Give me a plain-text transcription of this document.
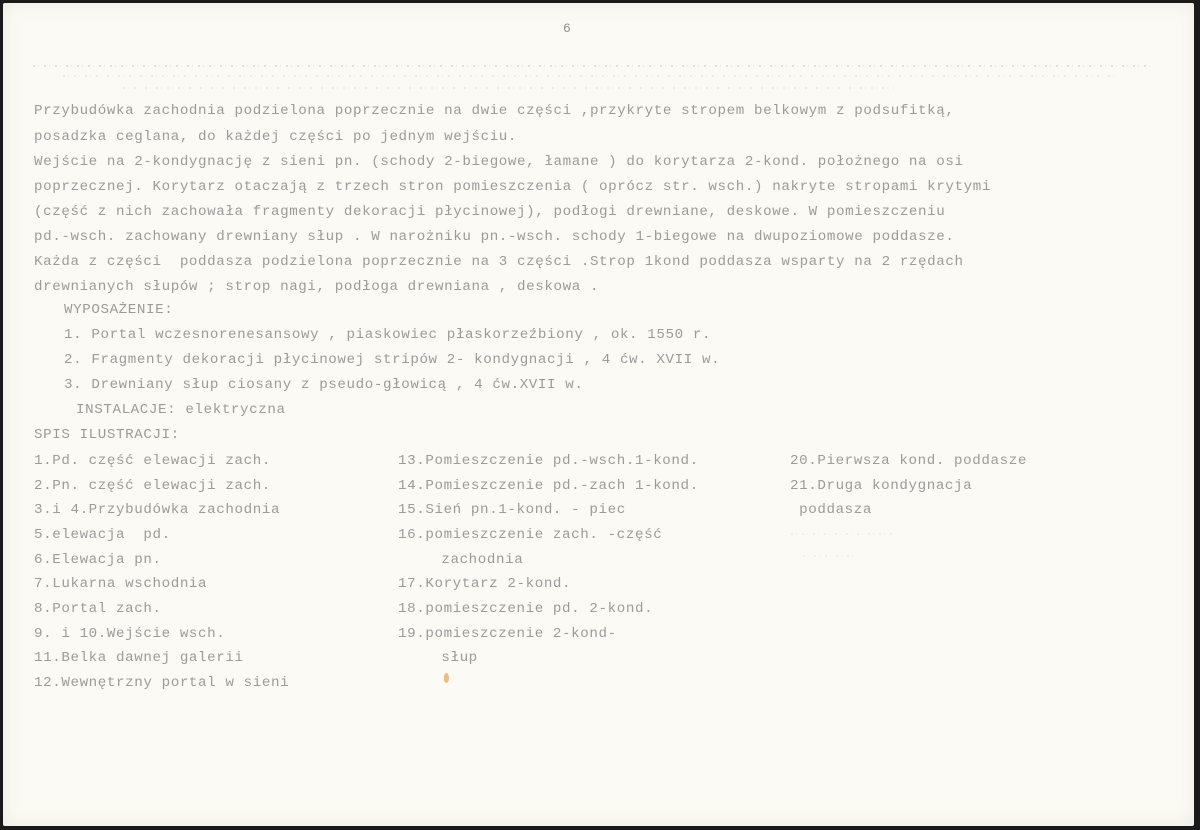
6
Przybudówka zachodnia podzielona poprzecznie na dwie części ,przykryte stropem belkowym z podsufitką,
posadzka ceglana, do każdej części po jednym wejściu.
Wejście na 2-kondygnację z sieni pn. (schody 2-biegowe, łamane ) do korytarza 2-kond. położnego na osi
poprzecznej. Korytarz otaczają z trzech stron pomieszczenia ( oprócz str. wsch.) nakryte stropami krytymi
(część z nich zachowała fragmenty dekoracji płycinowej), podłogi drewniane, deskowe. W pomieszczeniu
pd.-wsch. zachowany drewniany słup . W narożniku pn.-wsch. schody 1-biegowe na dwupoziomowe poddasze.
Każda z części  poddasza podzielona poprzecznie na 3 części .Strop 1kond poddasza wsparty na 2 rzędach
drewnianych słupów ; strop nagi, podłoga drewniana , deskowa .
WYPOSAŻENIE:
1. Portal wczesnorenesansowy , piaskowiec płaskorzeźbiony , ok. 1550 r.
2. Fragmenty dekoracji płycinowej stripów 2- kondygnacji , 4 ćw. XVII w.
3. Drewniany słup ciosany z pseudo-głowicą , 4 ćw.XVII w.
INSTALACJE: elektryczna
SPIS ILUSTRACJI:
1.Pd. część elewacji zach.
2.Pn. część elewacji zach.
3.i 4.Przybudówka zachodnia
5.elewacja  pd.
6.Elewacja pn.
7.Lukarna wschodnia
8.Portal zach.
9. i 10.Wejście wsch.
11.Belka dawnej galerii
12.Wewnętrzny portal w sieni
13.Pomieszczenie pd.-wsch.1-kond.
14.Pomieszczenie pd.-zach 1-kond.
15.Sień pn.1-kond. - piec
16.pomieszczenie zach. -część
zachodnia
17.Korytarz 2-kond.
18.pomieszczenie pd. 2-kond.
19.pomieszczenie 2-kond-
słup
20.Pierwsza kond. poddasze
21.Druga kondygnacja
poddasza
